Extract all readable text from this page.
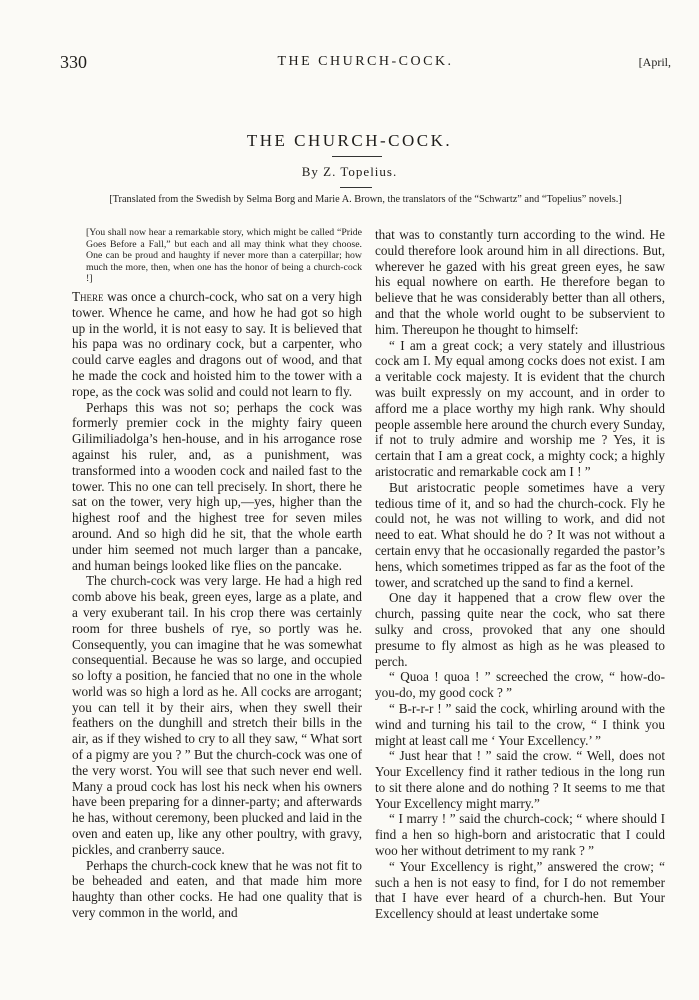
330	THE CHURCH-COCK.	[April,
THE CHURCH-COCK.
By Z. Topelius.
[Translated from the Swedish by Selma Borg and Marie A. Brown, the translators of the “Schwartz” and “Topelius” novels.]

[You shall now hear a remarkable story, which might be called “Pride Goes Before a Fall,” but each and all may think what they choose. One can be proud and haughty if never more than a caterpillar; how much the more, then, when one has the honor of being a church-cock !]

There was once a church-cock, who sat on a very high tower. Whence he came, and how he had got so high up in the world, it is not easy to say. It is believed that his papa was no ordinary cock, but a carpenter, who could carve eagles and dragons out of wood, and that he made the cock and hoisted him to the tower with a rope, as the cock was solid and could not learn to fly.

Perhaps this was not so; perhaps the cock was formerly premier cock in the mighty fairy queen Gilimiliadolga’s hen-house, and in his arrogance rose against his ruler, and, as a punishment, was transformed into a wooden cock and nailed fast to the tower. This no one can tell precisely. In short, there he sat on the tower, very high up,—yes, higher than the highest roof and the highest tree for seven miles around. And so high did he sit, that the whole earth under him seemed not much larger than a pancake, and human beings looked like flies on the pancake.

The church-cock was very large. He had a high red comb above his beak, green eyes, large as a plate, and a very exuberant tail. In his crop there was certainly room for three bushels of rye, so portly was he. Consequently, you can imagine that he was somewhat consequential. Because he was so large, and occupied so lofty a position, he fancied that no one in the whole world was so high a lord as he. All cocks are arrogant; you can tell it by their airs, when they swell their feathers on the dunghill and stretch their bills in the air, as if they wished to cry to all they saw, “ What sort of a pigmy are you ? ” But the church-cock was one of the very worst. You will see that such never end well. Many a proud cock has lost his neck when his owners have been preparing for a dinner-party; and afterwards he has, without ceremony, been plucked and laid in the oven and eaten up, like any other poultry, with gravy, pickles, and cranberry sauce.

Perhaps the church-cock knew that he was not fit to be beheaded and eaten, and that made him more haughty than other cocks. He had one quality that is very common in the world, and

that was to constantly turn according to the wind. He could therefore look around him in all directions. But, wherever he gazed with his great green eyes, he saw his equal nowhere on earth. He therefore began to believe that he was considerably better than all others, and that the whole world ought to be subservient to him. Thereupon he thought to himself:

“ I am a great cock; a very stately and illustrious cock am I. My equal among cocks does not exist. I am a veritable cock majesty. It is evident that the church was built expressly on my account, and in order to afford me a place worthy my high rank. Why should people assemble here around the church every Sunday, if not to truly admire and worship me ? Yes, it is certain that I am a great cock, a mighty cock; a highly aristocratic and remarkable cock am I ! ”

But aristocratic people sometimes have a very tedious time of it, and so had the church-cock. Fly he could not, he was not willing to work, and did not need to eat. What should he do ? It was not without a certain envy that he occasionally regarded the pastor’s hens, which sometimes tripped as far as the foot of the tower, and scratched up the sand to find a kernel.

One day it happened that a crow flew over the church, passing quite near the cock, who sat there sulky and cross, provoked that any one should presume to fly almost as high as he was pleased to perch.

“ Quoa ! quoa ! ” screeched the crow, “ how-do-you-do, my good cock ? ”

“ B-r-r-r ! ” said the cock, whirling around with the wind and turning his tail to the crow, “ I think you might at least call me ‘ Your Excellency.’ ”

“ Just hear that ! ” said the crow. “ Well, does not Your Excellency find it rather tedious in the long run to sit there alone and do nothing ? It seems to me that Your Excellency might marry.”

“ I marry ! ” said the church-cock; “ where should I find a hen so high-born and aristocratic that I could woo her without detriment to my rank ? ”

“ Your Excellency is right,” answered the crow; “ such a hen is not easy to find, for I do not remember that I have ever heard of a church-hen. But Your Excellency should at least undertake some
